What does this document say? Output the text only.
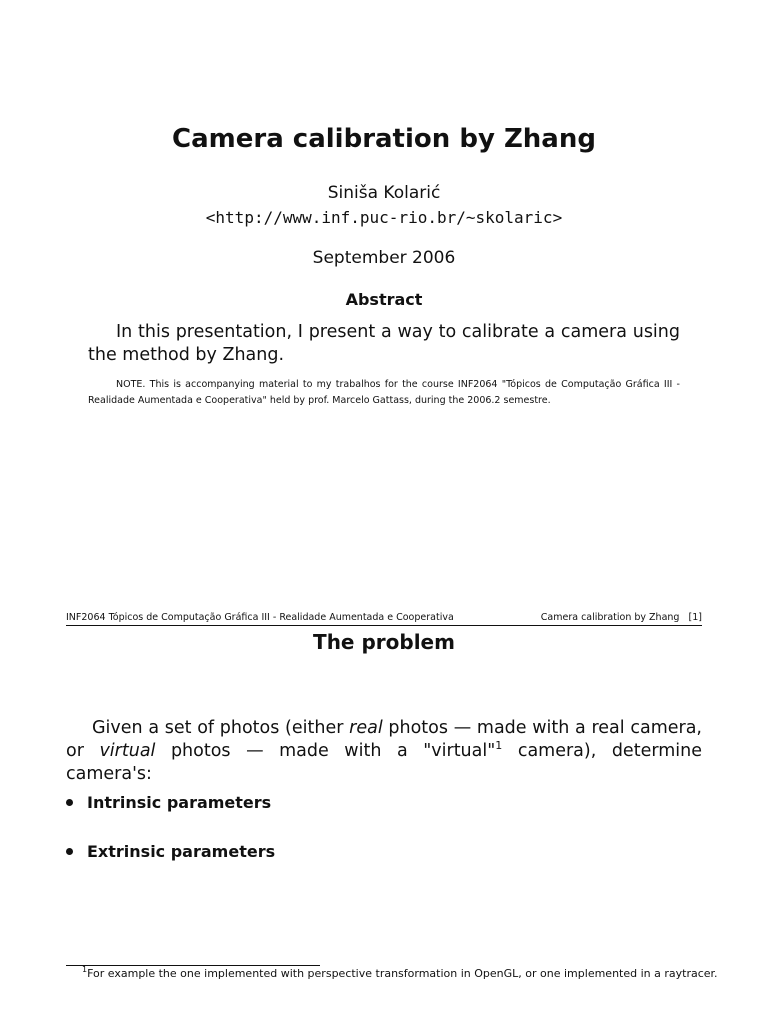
Camera calibration by Zhang
Siniša Kolarić
<http://www.inf.puc-rio.br/~skolaric>
September 2006
Abstract
In this presentation, I present a way to calibrate a camera using the method by Zhang.
NOTE. This is accompanying material to my trabalhos for the course INF2064 "Tópicos de Computação Gráfica III - Realidade Aumentada e Cooperativa" held by prof. Marcelo Gattass, during the 2006.2 semestre.
INF2064 Tópicos de Computação Gráfica III - Realidade Aumentada e Cooperativa	Camera calibration by Zhang [1]
The problem
Given a set of photos (either real photos — made with a real camera, or virtual photos — made with a "virtual"$^1$ camera), determine camera's:
Intrinsic parameters
Extrinsic parameters
$^1$For example the one implemented with perspective transformation in OpenGL, or one implemented in a raytracer.
